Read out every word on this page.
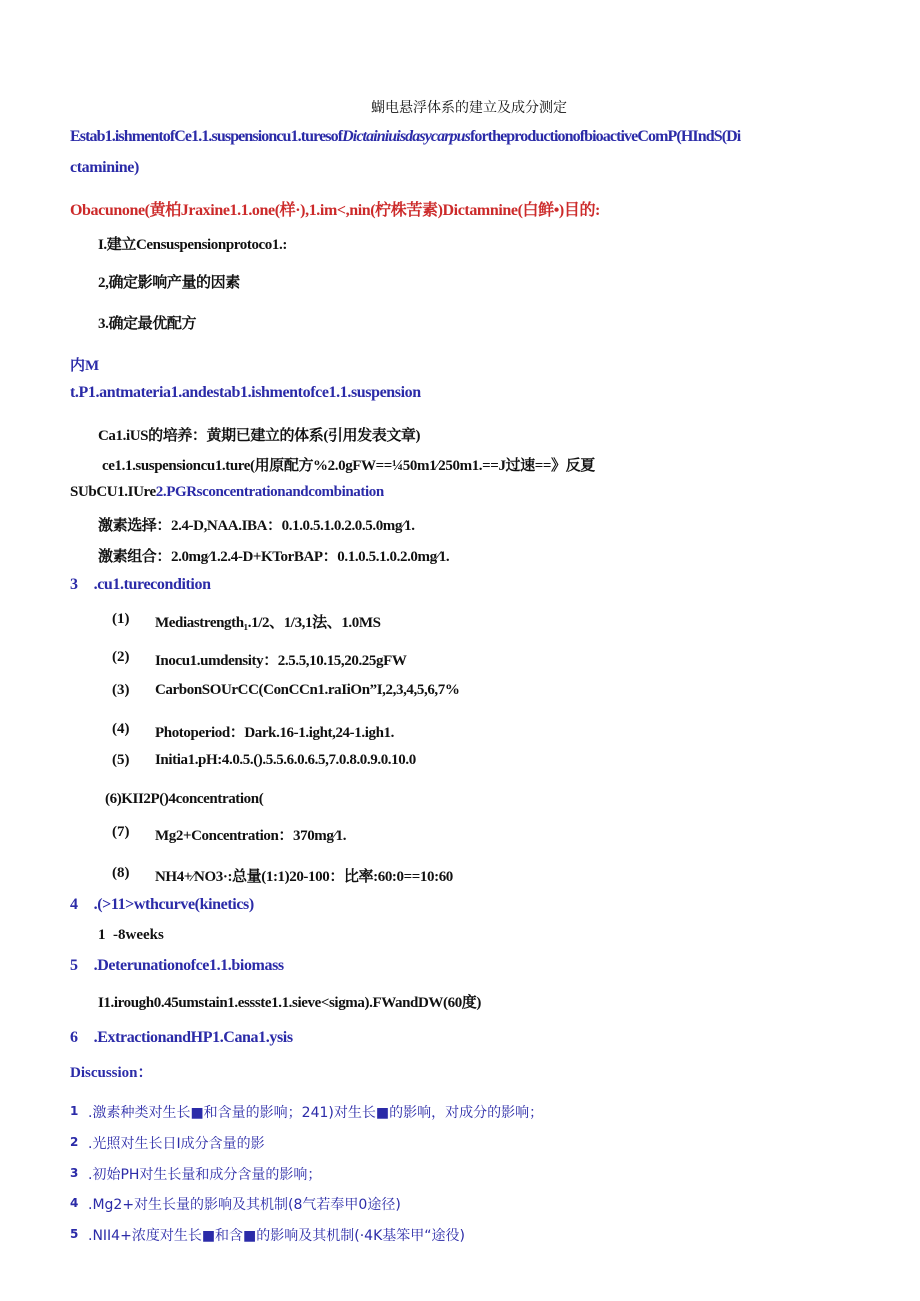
蝴电悬浮体系的建立及成分测定
Estab1.ishmentofCe1.1.suspensioncu1.turesofDictainiuisdasycarpusfortheproductionofbioactiveComP(HIndS(Di
ctaminine)
Obacunone(黄柏Jraxine1.1.one(样·),1.im<,nin(柠株苦素)Dictamnine(白鲜•)目的:
I.建立Censuspensionprotoco1.:
2,确定影响产量的因素
3.确定最优配方
内M
t.P1.antmateria1.andestab1.ishmentofce1.1.suspension
Ca1.iUS的培养：黄期已建立的体系(引用发表文章)
ce1.1.suspensioncu1.ture(用原配方%2.0gFW==¼50m1∕250m1.==J过速==》反夏
SUbCU1.IUre2.PGRsconcentrationandcombination
激素选择：2.4-D,NAA.IBA：0.1.0.5.1.0.2.0.5.0mg∕1.
激素组合：2.0mg∕1.2.4-D+KTorBAP：0.1.0.5.1.0.2.0mg∕1.
3 .cu1.turecondition
(1) Mediastrength₁.1/2、1/3,1法、1.0MS
(2) Inocu1.umdensity：2.5.5,10.15,20.25gFW
(3) CarbonSOUrCC(ConCCn1.raIiOn”I,2,3,4,5,6,7%
(4) Photoperiod：Dark.16-1.ight,24-1.igh1.
(5) Initia1.pH:4.0.5.().5.5.6.0.6.5,7.0.8.0.9.0.10.0
(6)KII2P()4concentration(
(7) Mg2+Concentration：370mg∕1.
(8) NH4+∕NO3·:总量(1:1)20-100：比率:60:0==10:60
4 .(>11>wthcurve(kinetics)
1  -8weeks
5 .Deterunationofce1.1.biomass
I1.irough0.45umstain1.essste1.1.sieve<sigma).FWandDW(60度)
6 .ExtractionandHP1.Cana1.ysis
Discussion：
1 .激素种类对生长■和含量的影响；241)对生长■的影响，对成分的影响；
2 .光照对生长日I成分含量的影
3 .初始PH对生长量和成分含量的影响；
4 .Mg2+对生长量的影响及其机制(8气若奉甲0途径)
5 .NII4+浓度对生长■和含■的影响及其机制(·4K基笨甲“途役)
